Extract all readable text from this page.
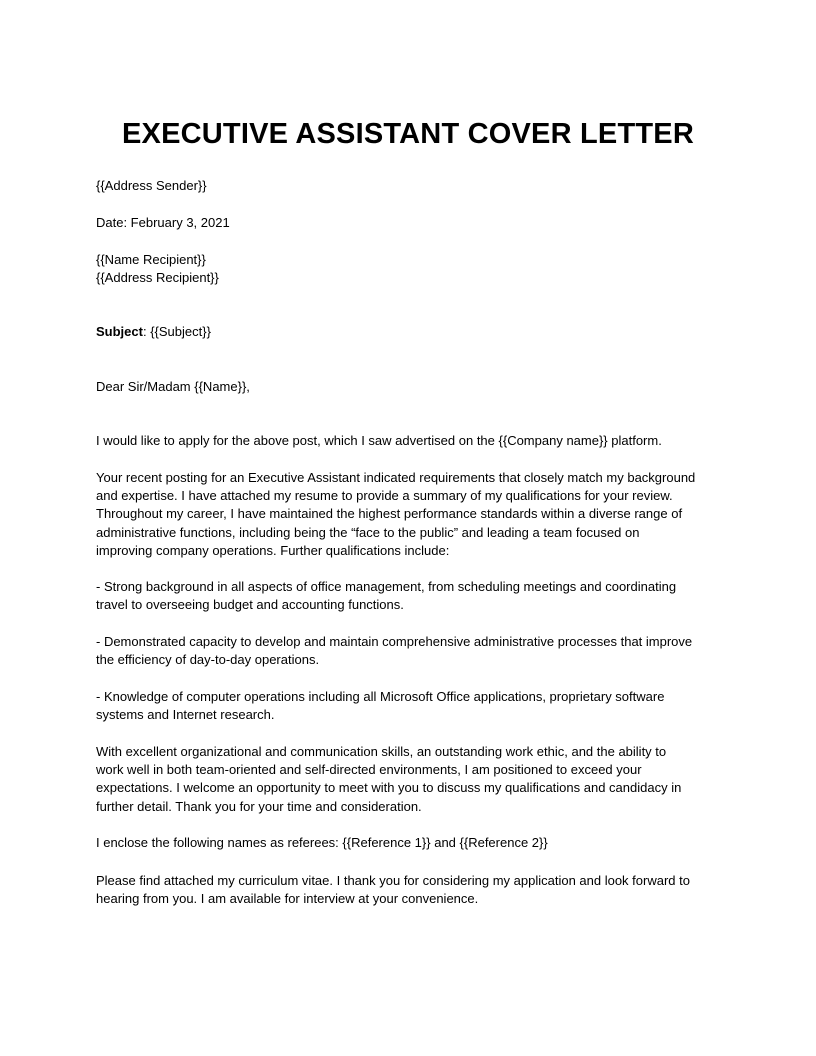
EXECUTIVE ASSISTANT COVER LETTER

{{Address Sender}}

Date: February 3, 2021

{{Name Recipient}}

{{Address Recipient}}

Subject: {{Subject}}

Dear Sir/Madam {{Name}},

I would like to apply for the above post, which I saw advertised on the {{Company name}} platform.

Your recent posting for an Executive Assistant indicated requirements that closely match my background
and expertise. I have attached my resume to provide a summary of my qualifications for your review.
Throughout my career, I have maintained the highest performance standards within a diverse range of
administrative functions, including being the “face to the public” and leading a team focused on
improving company operations. Further qualifications include:

- Strong background in all aspects of office management, from scheduling meetings and coordinating
travel to overseeing budget and accounting functions.

- Demonstrated capacity to develop and maintain comprehensive administrative processes that improve
the efficiency of day-to-day operations.

- Knowledge of computer operations including all Microsoft Office applications, proprietary software
systems and Internet research.

With excellent organizational and communication skills, an outstanding work ethic, and the ability to
work well in both team-oriented and self-directed environments, I am positioned to exceed your
expectations. I welcome an opportunity to meet with you to discuss my qualifications and candidacy in
further detail. Thank you for your time and consideration.

I enclose the following names as referees: {{Reference 1}} and {{Reference 2}}

Please find attached my curriculum vitae. I thank you for considering my application and look forward to
hearing from you. I am available for interview at your convenience.
